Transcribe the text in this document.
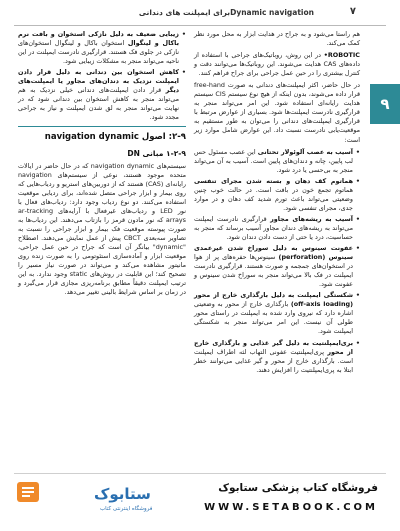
۷
Dynamic navigationبرای ایمپلنت های دندانی
۹

هم راستا می‌شود و به جراح در هدایت ابزار به محل مورد نظر کمک می‌کند.

ROBOTIC• در این روش، روباتیک‌های جراحی با استفاده از داده‌های CAS هدایت می‌شوند. این روباتیک‌ها می‌توانند دقت و کنترل بیشتری را در حین عمل جراحی برای جراح فراهم کنند.

در حال حاضر، اکثر ایمپلنت‌های دندانی به صورت free‑hand قرار داده می‌شوند، بدون اینکه از هیچ نوع سیستم CIS سیستم هدایت رایانه‌ای استفاده شود. این امر می‌تواند منجر به قرارگیری نادرست ایمپلنت‌ها شود. بسیاری از عوارض مرتبط با قرارگیری ایمپلنت‌های دندانی را می‌توان به طور مستقیم به موقعیت‌یابی نادرست نسبت داد. این عوارض شامل موارد زیر است:

• آسیب به عصب آلوئولار تحتانی این عصب مسئول حس لب پایین، چانه و دندان‌های پایین است. آسیب به آن می‌تواند منجر به بی‌حسی یا درد شود.
• هماتوم کف دهان و بسته شدن مجرای تنفسی هماتوم تجمع خون در بافت است. در حالت خوب چنین وضعیتی می‌تواند باعث تورم شدید کف دهان و در موارد جدی، مجرای تنفسی شود.
• آسیب به ریشه‌های مجاور قرارگیری نادرست ایمپلنت می‌تواند به ریشه‌های دندان مجاور آسیب برساند که منجر به حساسیت، درد یا حتی از دست دادن دندان شود.
• عفونت سینوس به دلیل سوراخ شدن غیرعمدی سینوس (perforation) سینوس‌ها حفره‌های پر از هوا در استخوان‌های جمجمه و صورت هستند. قرارگیری نادرست ایمپلنت در فک بالا می‌تواند منجر به سوراخ شدن سینوس و عفونت شود.
• شکستگی ایمپلنت به دلیل بارگذاری خارج از محور (off‑axis loading) بارگذاری خارج از محور به وضعیتی اشاره دارد که نیروی وارد شده به ایمپلنت در راستای محور طولی آن نیست. این امر می‌تواند منجر به شکستگی ایمپلنت شود.
• بری‌ایمپلنتیت به دلیل گیر غذایی و بارگذاری خارج از محور پری‌ایمپلنتیت عفونی التهاب لثه اطراف ایمپلنت است. بارگذاری خارج از محور و گیر غذایی می‌توانند خطر ابتلا به پری‌ایمپلنتیت را افزایش دهند.
• زیبایی ضعیف به دلیل نازکی استخوان و بافت نرم باکال و لینگوال استخوان باکال و لینگوال استخوان‌های نازکی در جلوی فک هستند. قرارگیری نادرست ایمپلنت در این ناحیه می‌تواند منجر به مشکلات زیبایی شود.
• کاهش استخوان بین دندانی به دلیل قرار دادن ایمپلنت نزدیک به دندان‌های مجاور یا ایمپلنت‌های دیگر قرار دادن ایمپلنت‌های دندانی خیلی نزدیک به هم می‌تواند منجر به کاهش استخوان بین دندانی شود که در نهایت می‌تواند منجر به لق شدن ایمپلنت و نیاز به جراحی مجدد شود.
۹‑۲: اصول navigation dynamic
۹‑۲‑۱ مبانی DN

سیستم‌های navigation dynamic که در حال حاضر در ایالات متحده موجود هستند، نوعی از سیستم‌های navigation رایانه‌ای (CAS) هستند که از دوربین‌های استریو و ردیاب‌هایی که روی بیمار و ابزار جراحی متصل شده‌اند، برای ردیابی موقعیت استفاده می‌کنند. دو نوع ردیاب وجود دارد: ردیاب‌های فعال با نور LED و ردیاب‌های غیرفعال با آرایه‌های ar‑tracking arrays که نور مادون قرمز را بازتاب می‌دهند. این ردیاب‌ها به صورت پیوسته موقعیت فک بیمار و ابزار جراحی را نسبت به تصاویر سه‌بعدی CBCT پیش از عمل نمایش می‌دهند. اصطلاح "dynamic" بیانگر آن است که جراح در حین عمل جراحی، موقعیت ابزار و آماده‌سازی استئوتومی را به صورت زنده روی مانیتور مشاهده می‌کند و می‌تواند در صورت نیاز مسیر را تصحیح کند؛ این قابلیت در روش‌های static وجود ندارد. به این ترتیب ایمپلنت دقیقاً مطابق برنامه‌ریزی مجازی قرار می‌گیرد و در زمان بر اساس شرایط بالینی تغییر می‌دهد.

ستابوک
فروشگاه اینترنتی کتاب
فروشگاه کتاب پزشکی ستابوک
WWW.SETABOOK.COM
